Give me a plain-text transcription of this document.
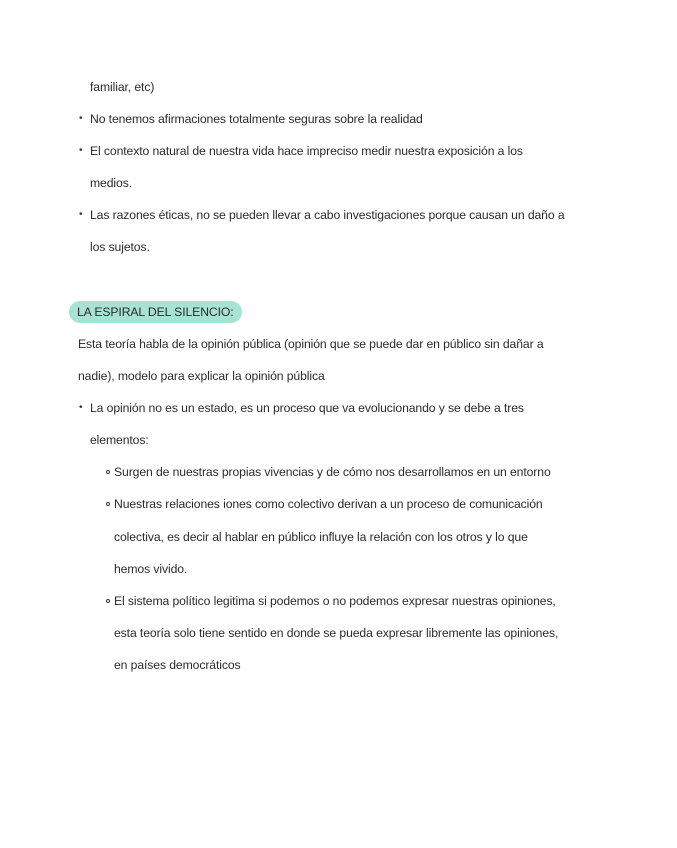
familiar, etc)
• No tenemos afirmaciones totalmente seguras sobre la realidad
• El contexto natural de nuestra vida hace impreciso medir nuestra exposición a los
medios.
• Las razones éticas, no se pueden llevar a cabo investigaciones porque causan un daño a
los sujetos.
LA ESPIRAL DEL SILENCIO:
Esta teoría habla de la opinión pública (opinión que se puede dar en público sin dañar a
nadie), modelo para explicar la opinión pública
• La opinión no es un estado, es un proceso que va evolucionando y se debe a tres
elementos:
Surgen de nuestras propias vivencias y de cómo nos desarrollamos en un entorno
Nuestras relaciones iones como colectivo derivan a un proceso de comunicación
colectiva, es decir al hablar en público influye la relación con los otros y lo que
hemos vivido.
El sistema político legitima si podemos o no podemos expresar nuestras opiniones,
esta teoría solo tiene sentido en donde se pueda expresar libremente las opiniones,
en países democráticos
